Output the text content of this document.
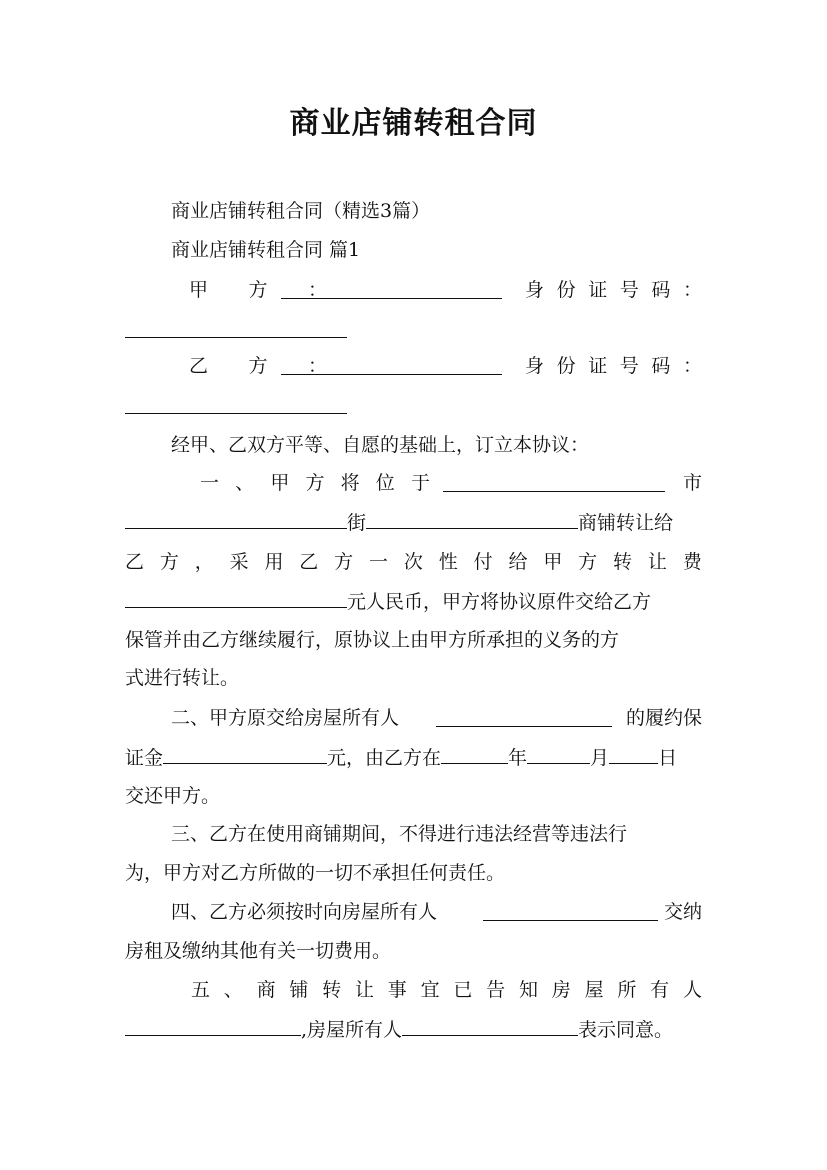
商业店铺转租合同
商业店铺转租合同（精选3篇）
商业店铺转租合同 篇1
甲 方 ：	身 份 证 号 码 ：
乙 方 ：	身 份 证 号 码 ：
经甲、乙双方平等、自愿的基础上，订立本协议：
一 、 甲 方 将 位 于	市
街	商铺转让给
乙 方 ， 采 用 乙 方 一 次 性 付 给 甲 方 转 让 费
元人民币，甲方将协议原件交给乙方
保管并由乙方继续履行，原协议上由甲方所承担的义务的方
式进行转让。
二、甲方原交给房屋所有人	的履约保
证金	元，由乙方在	年	月	日
交还甲方。
三、乙方在使用商铺期间，不得进行违法经营等违法行
为，甲方对乙方所做的一切不承担任何责任。
四、乙方必须按时向房屋所有人	交纳
房租及缴纳其他有关一切费用。
五 、 商 铺 转 让 事 宜 已 告 知 房 屋 所 有 人
,房屋所有人	表示同意。
